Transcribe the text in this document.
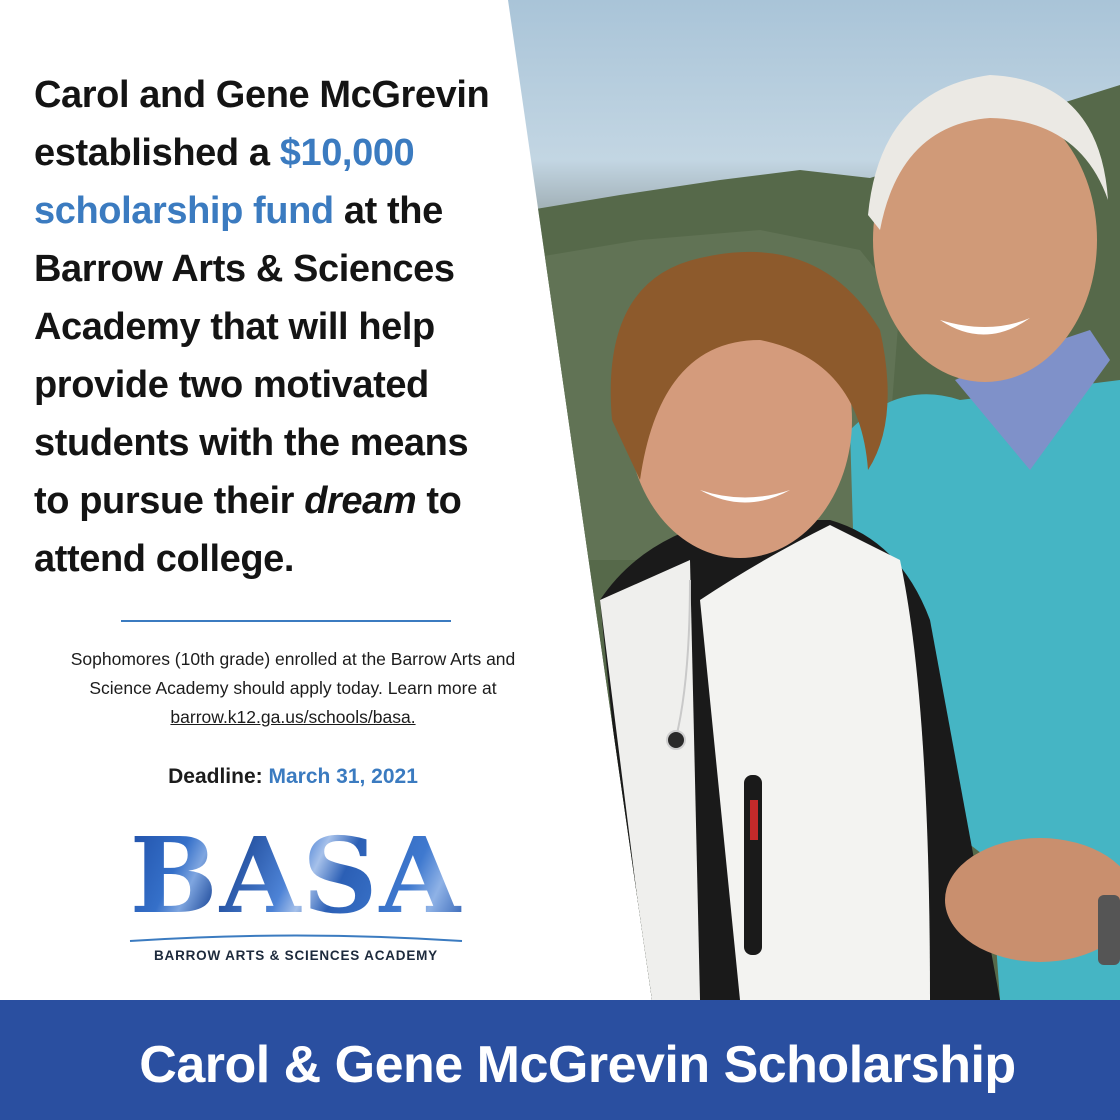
Carol and Gene McGrevin established a $10,000 scholarship fund at the Barrow Arts & Sciences Academy that will help provide two motivated students with the means to pursue their dream to attend college.
Sophomores (10th grade) enrolled at the Barrow Arts and Science Academy should apply today. Learn more at
barrow.k12.ga.us/schools/basa.
Deadline: March 31, 2021
BASA
BARROW ARTS & SCIENCES ACADEMY
Carol & Gene McGrevin Scholarship
